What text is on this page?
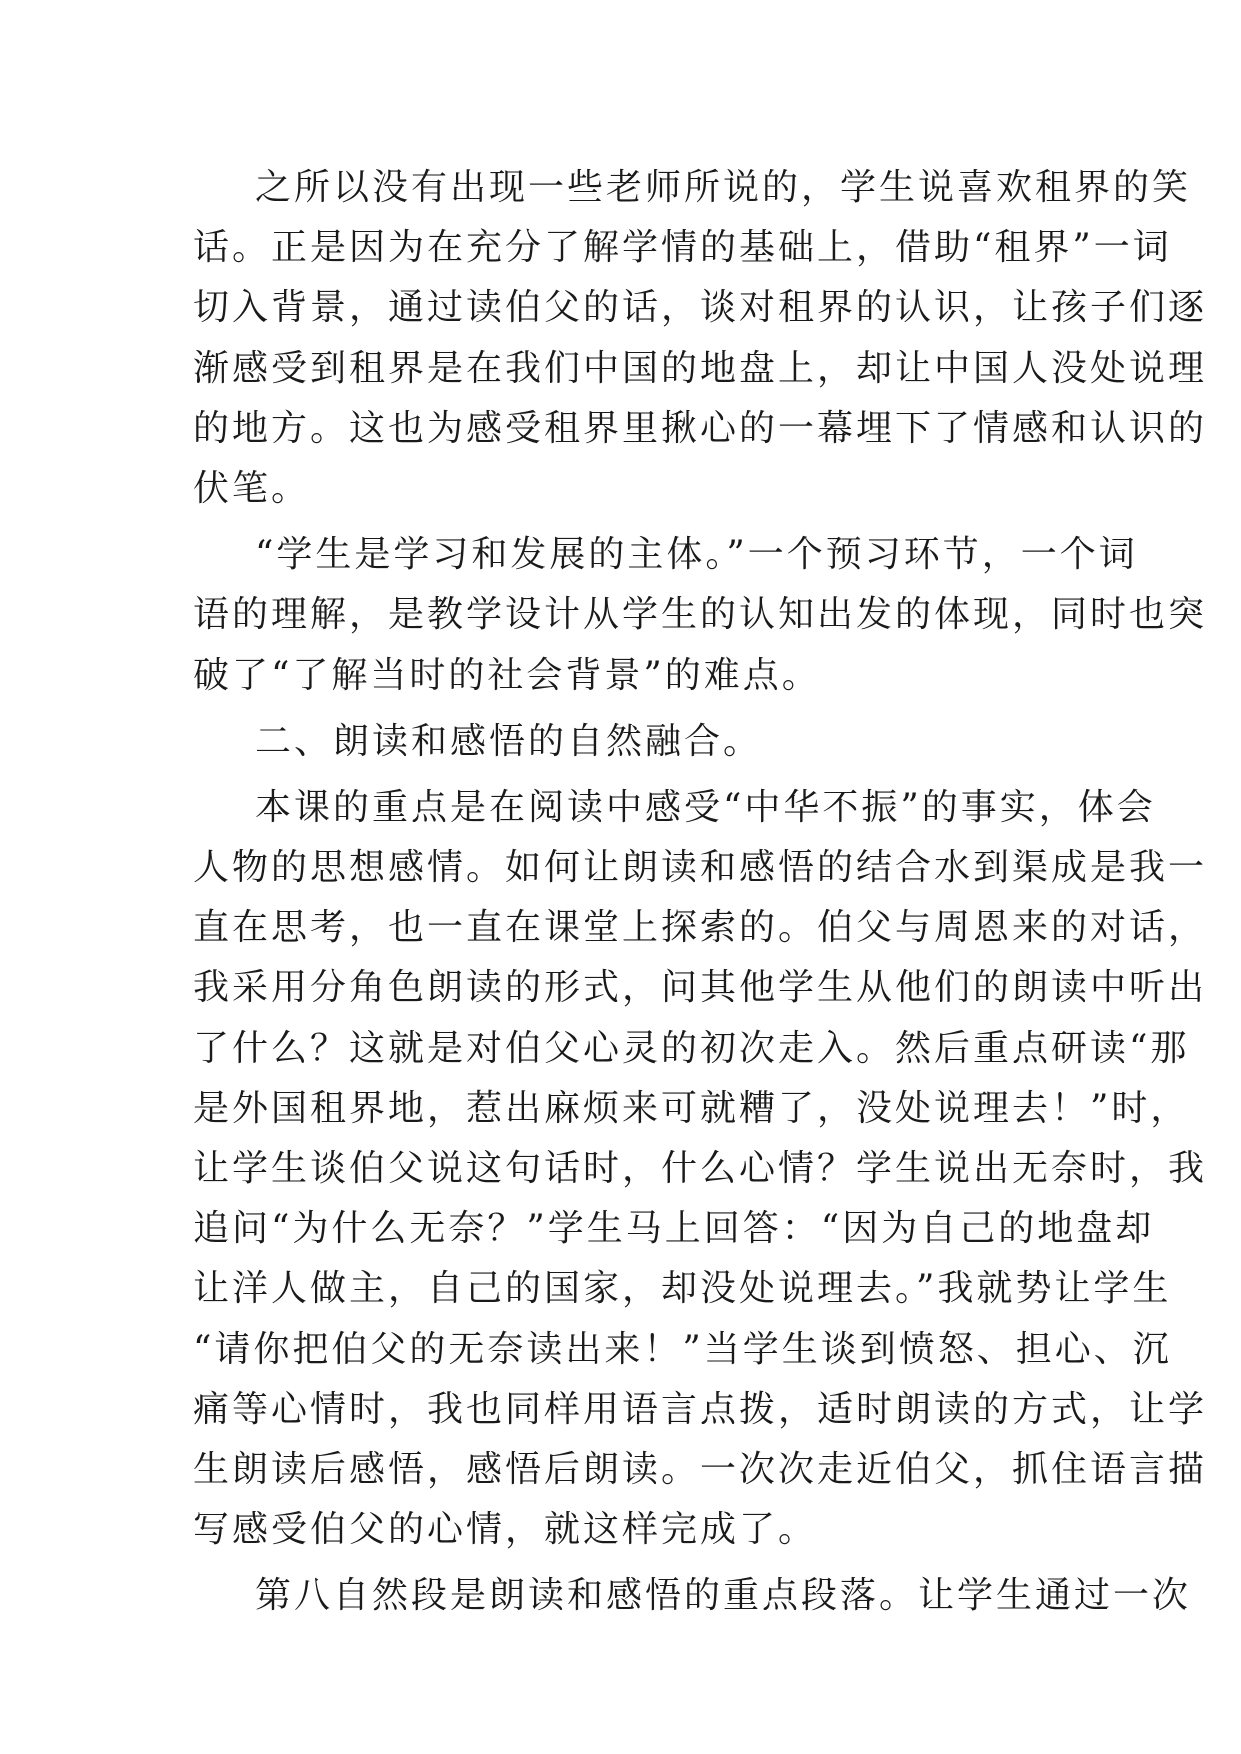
之所以没有出现一些老师所说的，学生说喜欢租界的笑
话。正是因为在充分了解学情的基础上，借助“租界”一词
切入背景，通过读伯父的话，谈对租界的认识，让孩子们逐
渐感受到租界是在我们中国的地盘上，却让中国人没处说理
的地方。这也为感受租界里揪心的一幕埋下了情感和认识的
伏笔。
“学生是学习和发展的主体。”一个预习环节，一个词
语的理解，是教学设计从学生的认知出发的体现，同时也突
破了“了解当时的社会背景”的难点。
二、朗读和感悟的自然融合。
本课的重点是在阅读中感受“中华不振”的事实，体会
人物的思想感情。如何让朗读和感悟的结合水到渠成是我一
直在思考，也一直在课堂上探索的。伯父与周恩来的对话，
我采用分角色朗读的形式，问其他学生从他们的朗读中听出
了什么？这就是对伯父心灵的初次走入。然后重点研读“那
是外国租界地，惹出麻烦来可就糟了，没处说理去！”时，
让学生谈伯父说这句话时，什么心情？学生说出无奈时，我
追问“为什么无奈？”学生马上回答：“因为自己的地盘却
让洋人做主，自己的国家，却没处说理去。”我就势让学生
“请你把伯父的无奈读出来！”当学生谈到愤怒、担心、沉
痛等心情时，我也同样用语言点拨，适时朗读的方式，让学
生朗读后感悟，感悟后朗读。一次次走近伯父，抓住语言描
写感受伯父的心情，就这样完成了。
第八自然段是朗读和感悟的重点段落。让学生通过一次
